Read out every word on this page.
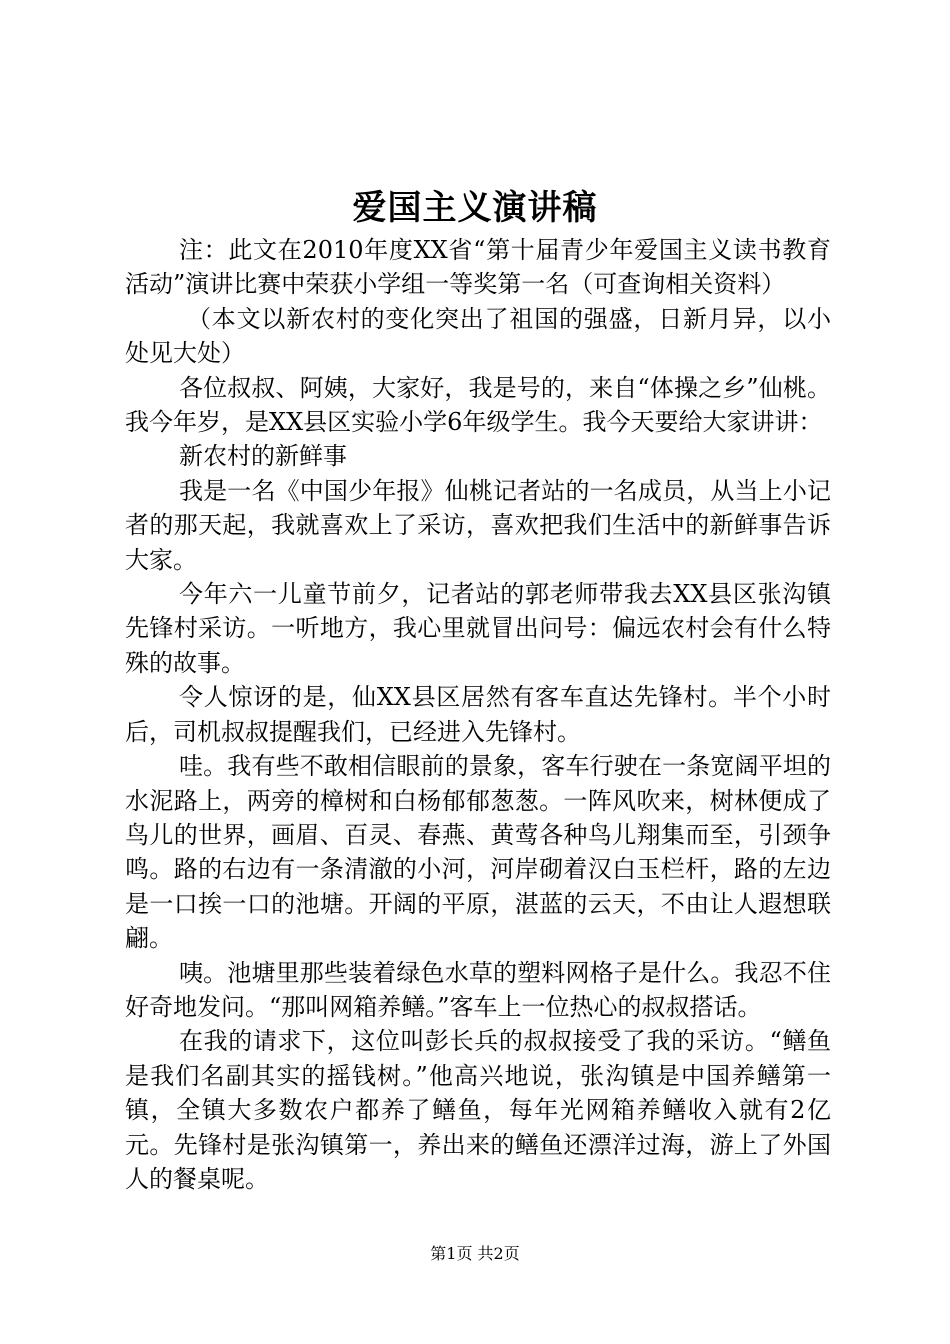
爱国主义演讲稿

注：此文在2010年度XX省“第十届青少年爱国主义读书教育活动”演讲比赛中荣获小学组一等奖第一名（可查询相关资料）

（本文以新农村的变化突出了祖国的强盛，日新月异，以小处见大处）

各位叔叔、阿姨，大家好，我是号的，来自“体操之乡”仙桃。我今年岁，是XX县区实验小学6年级学生。我今天要给大家讲讲：

新农村的新鲜事

我是一名《中国少年报》仙桃记者站的一名成员，从当上小记者的那天起，我就喜欢上了采访，喜欢把我们生活中的新鲜事告诉大家。

今年六一儿童节前夕，记者站的郭老师带我去XX县区张沟镇先锋村采访。一听地方，我心里就冒出问号：偏远农村会有什么特殊的故事。

令人惊讶的是，仙XX县区居然有客车直达先锋村。半个小时后，司机叔叔提醒我们，已经进入先锋村。

哇。我有些不敢相信眼前的景象，客车行驶在一条宽阔平坦的水泥路上，两旁的樟树和白杨郁郁葱葱。一阵风吹来，树林便成了鸟儿的世界，画眉、百灵、春燕、黄莺各种鸟儿翔集而至，引颈争鸣。路的右边有一条清澈的小河，河岸砌着汉白玉栏杆，路的左边是一口挨一口的池塘。开阔的平原，湛蓝的云天，不由让人遐想联翩。

咦。池塘里那些装着绿色水草的塑料网格子是什么。我忍不住好奇地发问。“那叫网箱养鳝。”客车上一位热心的叔叔搭话。

在我的请求下，这位叫彭长兵的叔叔接受了我的采访。“鳝鱼是我们名副其实的摇钱树。”他高兴地说，张沟镇是中国养鳝第一镇，全镇大多数农户都养了鳝鱼，每年光网箱养鳝收入就有2亿元。先锋村是张沟镇第一，养出来的鳝鱼还漂洋过海，游上了外国人的餐桌呢。

第1页 共2页
